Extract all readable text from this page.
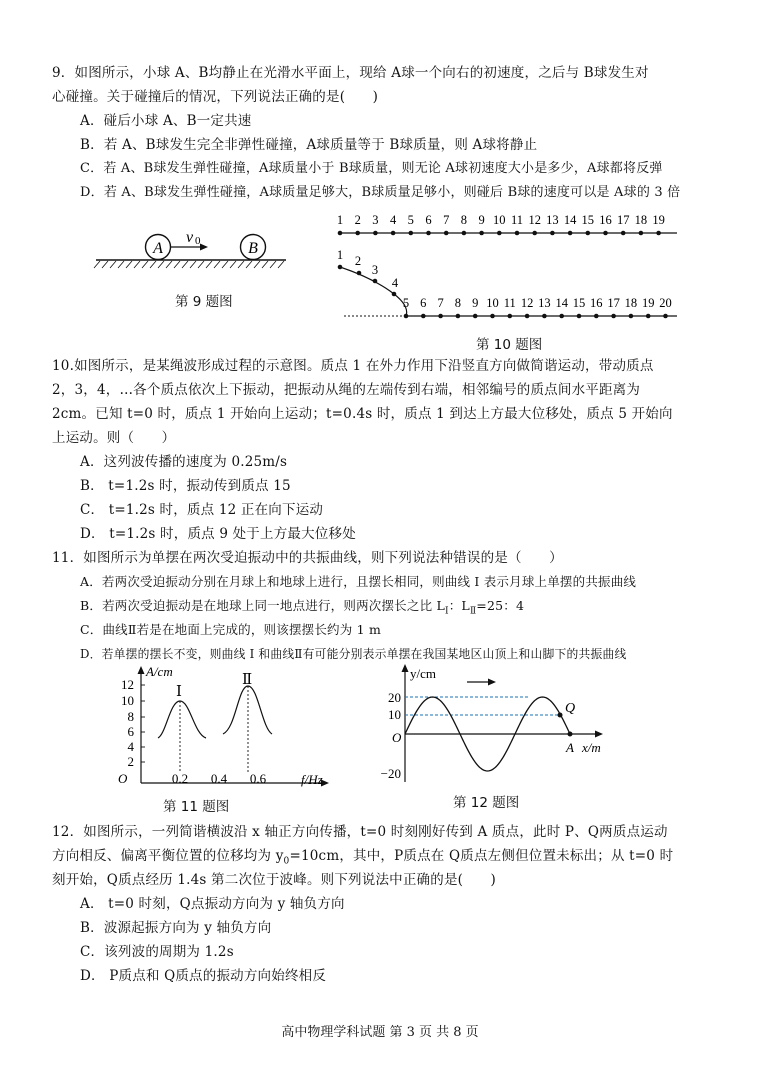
9．如图所示，小球 A、B均静止在光滑水平面上，现给 A球一个向右的初速度，之后与 B球发生对
心碰撞。关于碰撞后的情况，下列说法正确的是(　　)
A．碰后小球 A、B一定共速
B．若 A、B球发生完全非弹性碰撞，A球质量等于 B球质量，则 A球将静止
C．若 A、B球发生弹性碰撞，A球质量小于 B球质量，则无论 A球初速度大小是多少，A球都将反弹
D．若 A、B球发生弹性碰撞，A球质量足够大，B球质量足够小，则碰后 B球的速度可以是 A球的 3 倍
A	B
v 0
第 9 题图
1 2 3 4 5 6 7 8 9 10 11 12 13 14 15 16 17 18 19
1 2
3
4
5 6 7 8 9 10 11 12 13 14 15 16 17 18 19 20
第 10 题图
10.如图所示，是某绳波形成过程的示意图。质点 1 在外力作用下沿竖直方向做简谐运动，带动质点
2，3，4，…各个质点依次上下振动，把振动从绳的左端传到右端，相邻编号的质点间水平距离为
2cm。已知 t=0 时，质点 1 开始向上运动；t=0.4s 时，质点 1 到达上方最大位移处，质点 5 开始向
上运动。则（　　）
A．这列波传播的速度为 0.25m/s
B． t=1.2s 时，振动传到质点 15
C． t=1.2s 时，质点 12 正在向下运动
D． t=1.2s 时，质点 9 处于上方最大位移处
11．如图所示为单摆在两次受迫振动中的共振曲线，则下列说法种错误的是（　　）
A．若两次受迫振动分别在月球上和地球上进行，且摆长相同，则曲线 I 表示月球上单摆的共振曲线
B．若两次受迫振动是在地球上同一地点进行，则两次摆长之比 $L_Ⅰ$：$L_Ⅱ=25$：4
C．曲线Ⅱ若是在地面上完成的，则该摆摆长约为 1 m
D．若单摆的摆长不变，则曲线 I 和曲线Ⅱ有可能分别表示单摆在我国某地区山顶上和山脚下的共振曲线
A/cm
O
12
10
8
6
4
2
0.2 0.4 0.6	f/Hz
Ⅰ
Ⅱ
第 11 题图
y/cm
O
20
10
−20
Q
A x/m
第 12 题图
12．如图所示，一列简谐横波沿 x 轴正方向传播，t=0 时刻刚好传到 A 质点，此时 P、Q两质点运动
方向相反、偏离平衡位置的位移均为 $y_0=10cm$，其中，P质点在 Q质点左侧但位置未标出；从 t=0 时
刻开始，Q质点经历 1.4s 第二次位于波峰。则下列说法中正确的是(　　)
A． t=0 时刻，Q点振动方向为 y 轴负方向
B．波源起振方向为 y 轴负方向
C．该列波的周期为 1.2s
D． P质点和 Q质点的振动方向始终相反
高中物理学科试题 第 3 页 共 8 页
